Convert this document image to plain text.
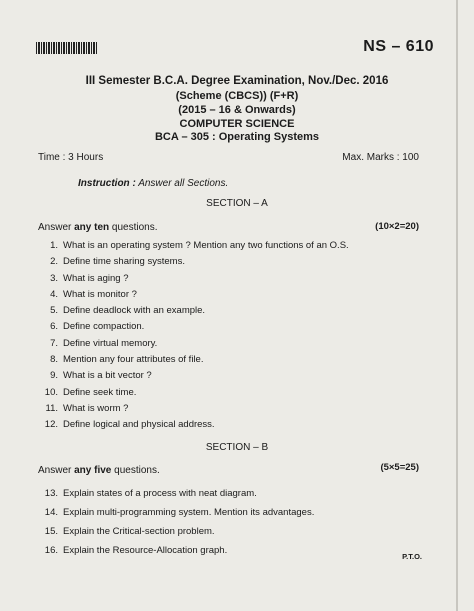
NS – 610
III Semester B.C.A. Degree Examination, Nov./Dec. 2016
(Scheme (CBCS)) (F+R)
(2015 – 16 & Onwards)
COMPUTER SCIENCE
BCA – 305 : Operating Systems
Time : 3 Hours	Max. Marks : 100
Instruction : Answer all Sections.
SECTION – A
Answer any ten questions.	(10×2=20)
1. What is an operating system ? Mention any two functions of an O.S.
2. Define time sharing systems.
3. What is aging ?
4. What is monitor ?
5. Define deadlock with an example.
6. Define compaction.
7. Define virtual memory.
8. Mention any four attributes of file.
9. What is a bit vector ?
10. Define seek time.
11. What is worm ?
12. Define logical and physical address.
SECTION – B
Answer any five questions.	(5×5=25)
13. Explain states of a process with neat diagram.
14. Explain multi-programming system. Mention its advantages.
15. Explain the Critical-section problem.
16. Explain the Resource-Allocation graph.
P.T.O.
